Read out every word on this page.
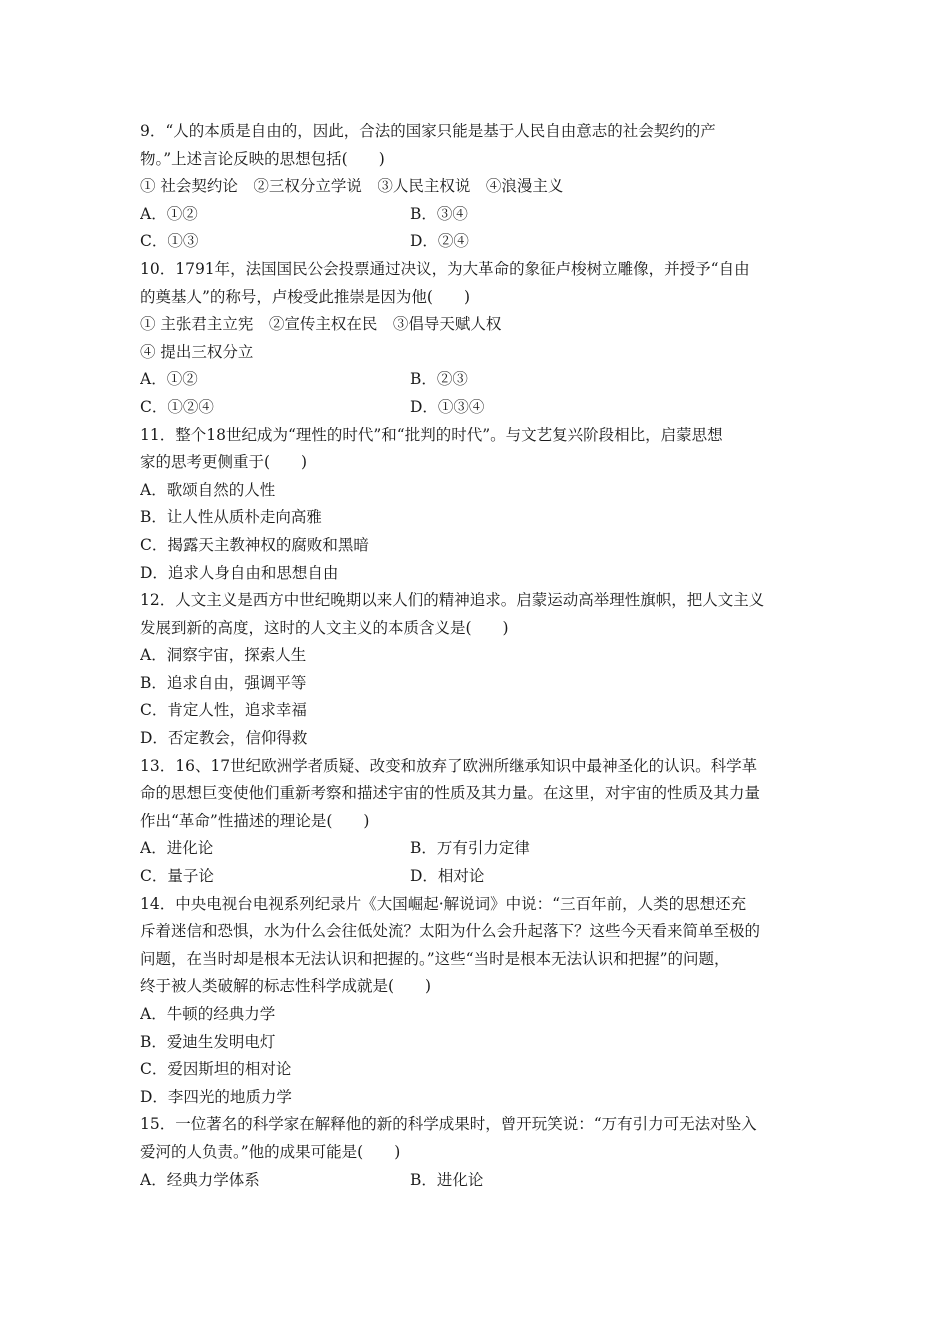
9．“人的本质是自由的，因此，合法的国家只能是基于人民自由意志的社会契约的产
物。”上述言论反映的思想包括(　　)
① 社会契约论　②三权分立学说　③人民主权说　④浪漫主义
A．①②	B．③④
C．①③	D．②④
10．1791年，法国国民公会投票通过决议，为大革命的象征卢梭树立雕像，并授予“自由
的奠基人”的称号，卢梭受此推崇是因为他(　　)
① 主张君主立宪　②宣传主权在民　③倡导天赋人权
④ 提出三权分立
A．①②	B．②③
C．①②④	D．①③④
11．整个18世纪成为“理性的时代”和“批判的时代”。与文艺复兴阶段相比，启蒙思想
家的思考更侧重于(　　)
A．歌颂自然的人性
B．让人性从质朴走向高雅
C．揭露天主教神权的腐败和黑暗
D．追求人身自由和思想自由
12．人文主义是西方中世纪晚期以来人们的精神追求。启蒙运动高举理性旗帜，把人文主义
发展到新的高度，这时的人文主义的本质含义是(　　)
A．洞察宇宙，探索人生
B．追求自由，强调平等
C．肯定人性，追求幸福
D．否定教会，信仰得救
13．16、17世纪欧洲学者质疑、改变和放弃了欧洲所继承知识中最神圣化的认识。科学革
命的思想巨变使他们重新考察和描述宇宙的性质及其力量。在这里，对宇宙的性质及其力量
作出“革命”性描述的理论是(　　)
A．进化论	B．万有引力定律
C．量子论	D．相对论
14．中央电视台电视系列纪录片《大国崛起·解说词》中说：“三百年前，人类的思想还充
斥着迷信和恐惧，水为什么会往低处流？太阳为什么会升起落下？这些今天看来简单至极的
问题，在当时却是根本无法认识和把握的。”这些“当时是根本无法认识和把握”的问题，
终于被人类破解的标志性科学成就是(　　)
A．牛顿的经典力学
B．爱迪生发明电灯
C．爱因斯坦的相对论
D．李四光的地质力学
15．一位著名的科学家在解释他的新的科学成果时，曾开玩笑说：“万有引力可无法对坠入
爱河的人负责。”他的成果可能是(　　)
A．经典力学体系	B．进化论
